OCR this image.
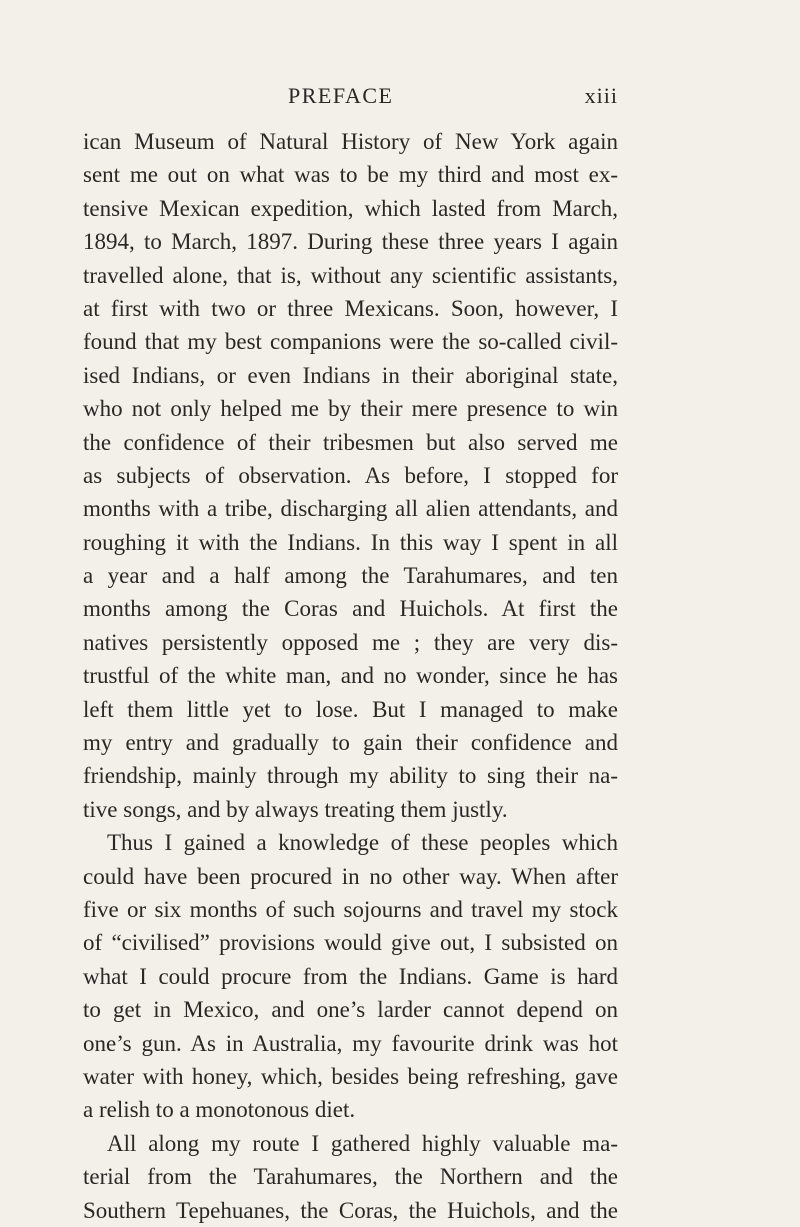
PREFACE	xiii
ican Museum of Natural History of New York again
sent me out on what was to be my third and most ex-
tensive Mexican expedition, which lasted from March,
1894, to March, 1897. During these three years I again
travelled alone, that is, without any scientific assistants,
at first with two or three Mexicans. Soon, however, I
found that my best companions were the so-called civil-
ised Indians, or even Indians in their aboriginal state,
who not only helped me by their mere presence to win
the confidence of their tribesmen but also served me
as subjects of observation. As before, I stopped for
months with a tribe, discharging all alien attendants, and
roughing it with the Indians. In this way I spent in all
a year and a half among the Tarahumares, and ten
months among the Coras and Huichols. At first the
natives persistently opposed me ; they are very dis-
trustful of the white man, and no wonder, since he has
left them little yet to lose. But I managed to make
my entry and gradually to gain their confidence and
friendship, mainly through my ability to sing their na-
tive songs, and by always treating them justly.
Thus I gained a knowledge of these peoples which
could have been procured in no other way. When after
five or six months of such sojourns and travel my stock
of “civilised” provisions would give out, I subsisted on
what I could procure from the Indians. Game is hard
to get in Mexico, and one’s larder cannot depend on
one’s gun. As in Australia, my favourite drink was hot
water with honey, which, besides being refreshing, gave
a relish to a monotonous diet.
All along my route I gathered highly valuable ma-
terial from the Tarahumares, the Northern and the
Southern Tepehuanes, the Coras, the Huichols, and the
